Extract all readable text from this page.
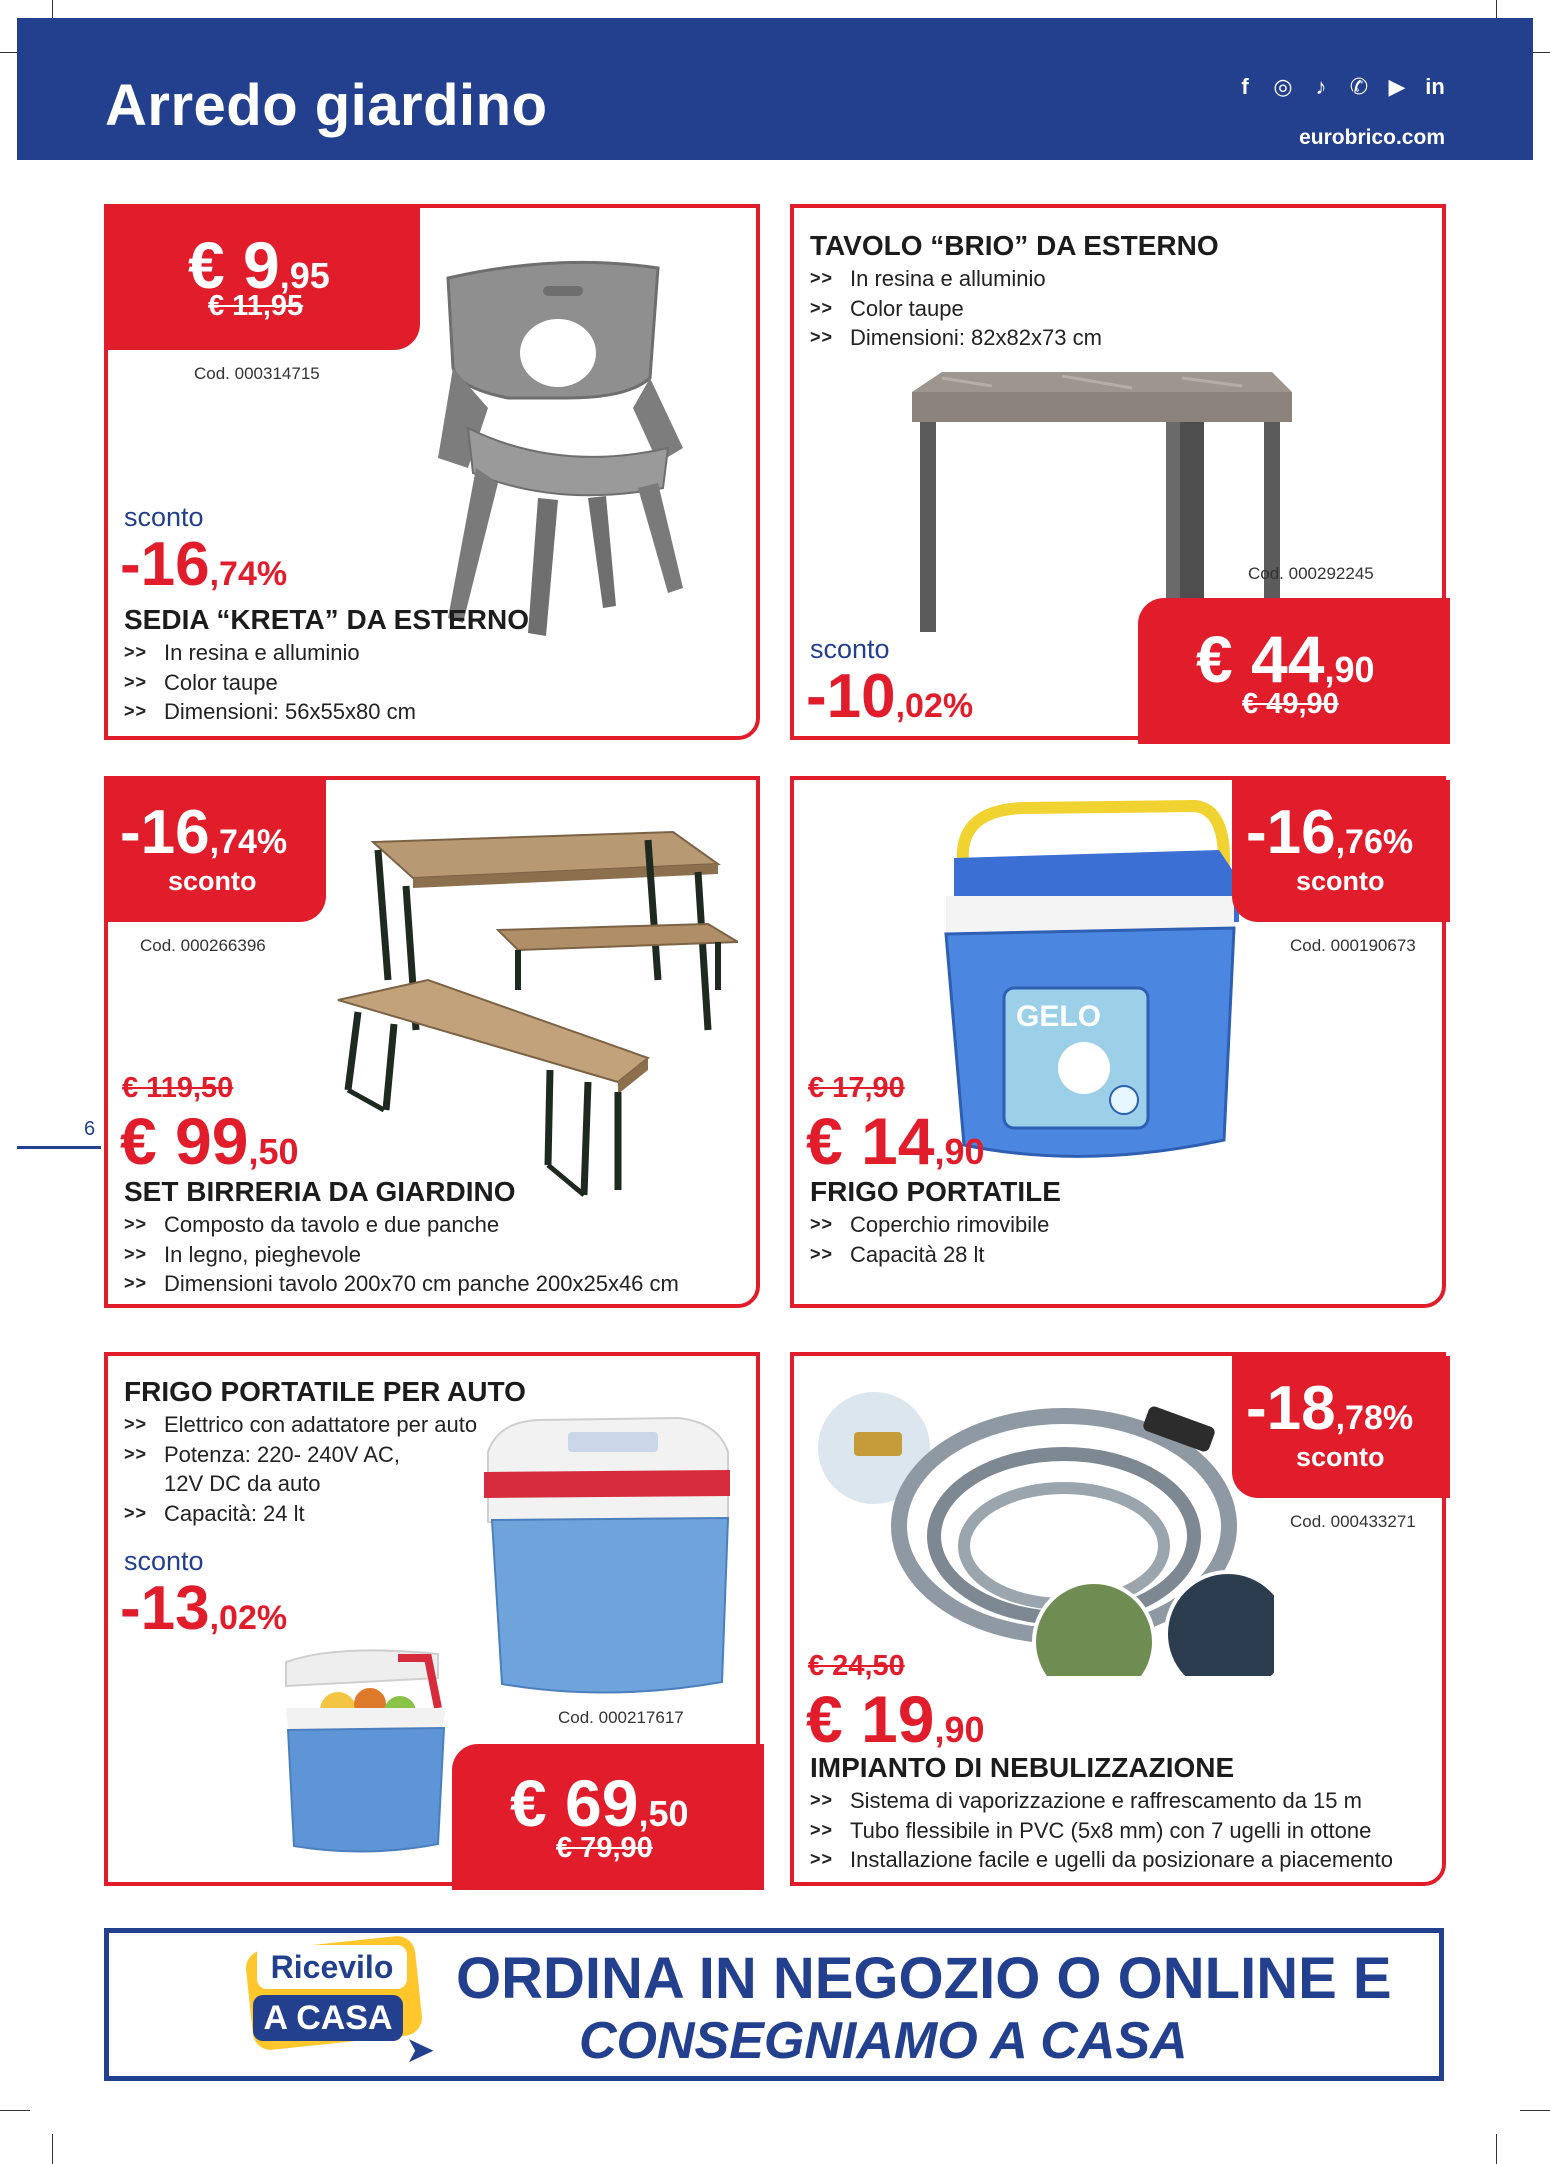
Arredo giardino	f	◎	♪	✆ ▶ in
eurobrico.com
€ 9,95
€ 11,95
Cod. 000314715
sconto
-16,74%
SEDIA “KRETA” DA ESTERNO
>> In resina e alluminio
>> Color taupe
>> Dimensioni: 56x55x80 cm
TAVOLO “BRIO” DA ESTERNO
>> In resina e alluminio
>> Color taupe
>> Dimensioni: 82x82x73 cm
Cod. 000292245
sconto
-10,02%
€ 44,90
€ 49,90
-16,74%
sconto
Cod. 000266396
€ 119,50
€ 99,50
SET BIRRERIA DA GIARDINO
>> Composto da tavolo e due panche
>> In legno, pieghevole
>> Dimensioni tavolo 200x70 cm panche 200x25x46 cm
GELO
-16,76%
sconto
Cod. 000190673
€ 17,90
€ 14,90
FRIGO PORTATILE
>> Coperchio rimovibile
>> Capacità 28 lt
6
FRIGO PORTATILE PER AUTO
>> Elettrico con adattatore per auto
>> Potenza: 220- 240V AC,
12V DC da auto
>> Capacità: 24 lt
sconto
-13,02%
Cod. 000217617
€ 69,50
€ 79,90
-18,78%
sconto
Cod. 000433271
€ 24,50
€ 19,90
IMPIANTO DI NEBULIZZAZIONE
>> Sistema di vaporizzazione e raffrescamento da 15 m
>> Tubo flessibile in PVC (5x8 mm) con 7 ugelli in ottone
>> Installazione facile e ugelli da posizionare a piacemento
Ricevilo
A CASA
➤
ORDINA IN NEGOZIO O ONLINE E
CONSEGNIAMO A CASA
